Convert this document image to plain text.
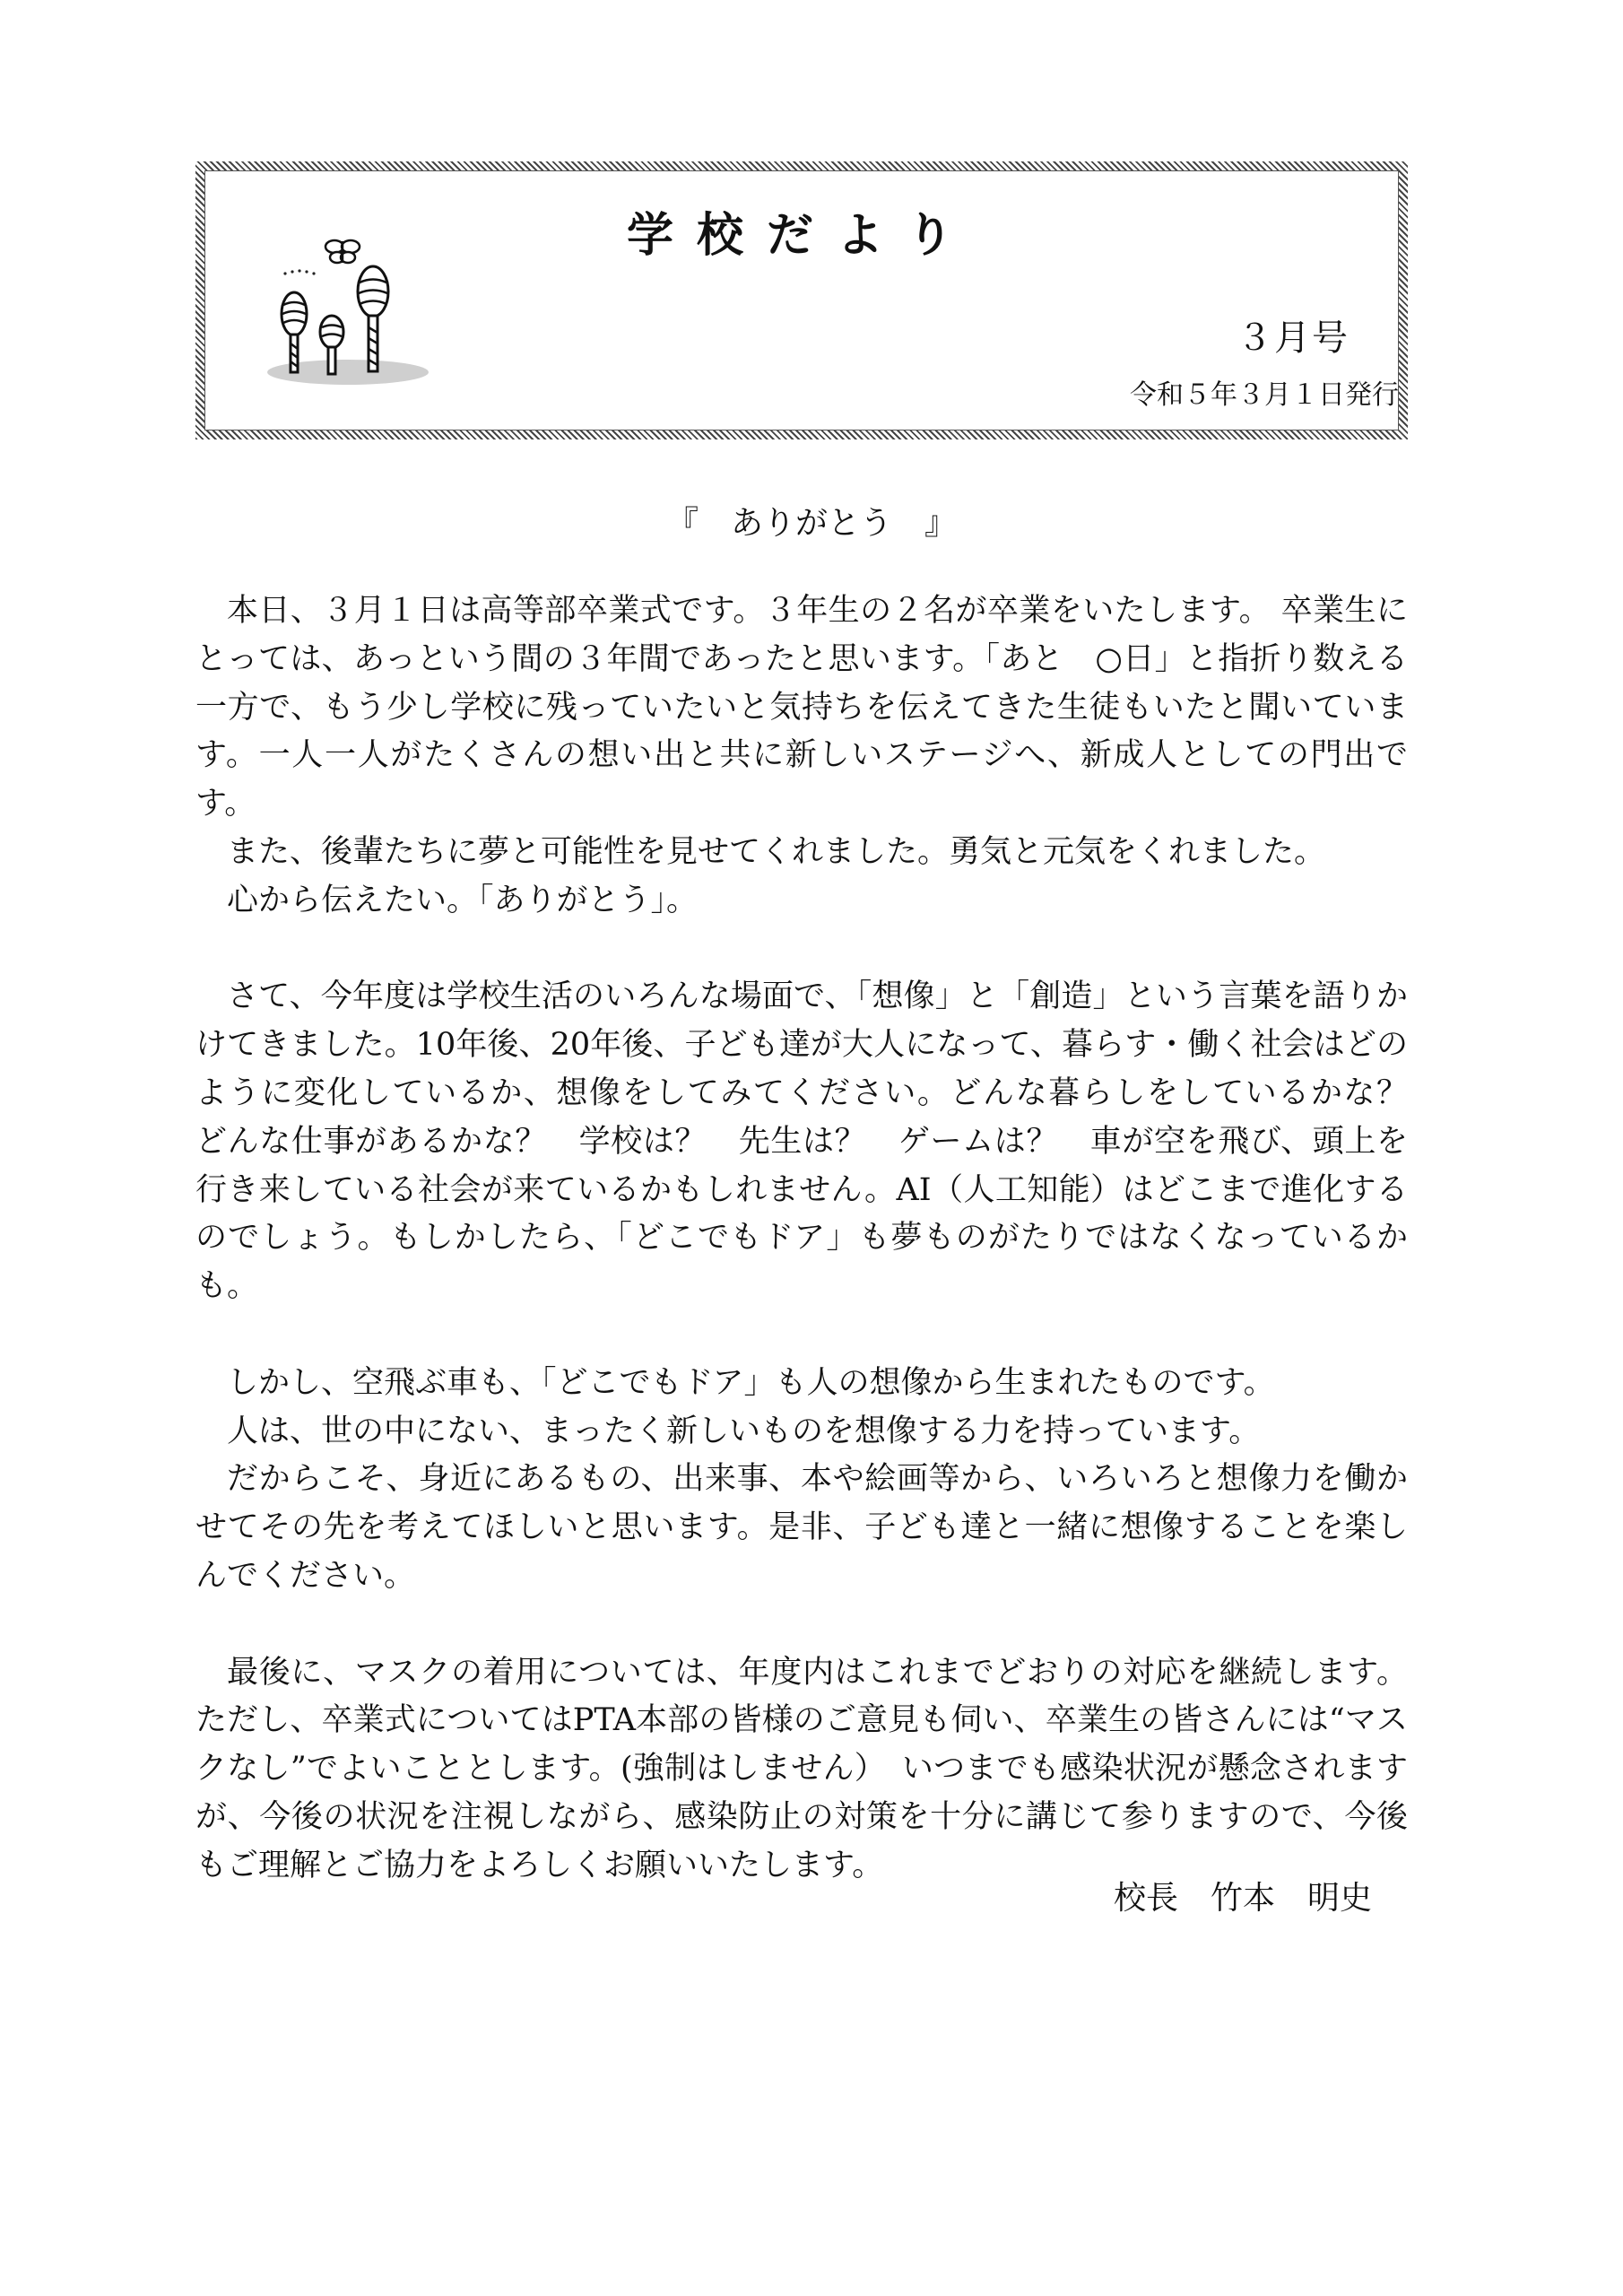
学校だより
３月号
令和５年３月１日発行
『　ありがとう　』

本日、３月１日は高等部卒業式です。３年生の２名が卒業をいたします。 卒業生にとっては、あっという間の３年間であったと思います。「あと　○日」と指折り数える一方で、もう少し学校に残っていたいと気持ちを伝えてきた生徒もいたと聞いています。一人一人がたくさんの想い出と共に新しいステージへ、新成人としての門出です。

また、後輩たちに夢と可能性を見せてくれました。勇気と元気をくれました。

心から伝えたい。「ありがとう」。

さて、今年度は学校生活のいろんな場面で、「想像」と「創造」という言葉を語りかけてきました。10年後、20年後、子ども達が大人になって、暮らす・働く社会はどのように変化しているか、想像をしてみてください。どんな暮らしをしているかな？　どんな仕事があるかな？　学校は？　先生は？　ゲームは？　車が空を飛び、頭上を行き来している社会が来ているかもしれません。AI（人工知能）はどこまで進化するのでしょう。もしかしたら、「どこでもドア」も夢ものがたりではなくなっているかも。

しかし、空飛ぶ車も、「どこでもドア」も人の想像から生まれたものです。

人は、世の中にない、まったく新しいものを想像する力を持っています。

だからこそ、身近にあるもの、出来事、本や絵画等から、いろいろと想像力を働かせてその先を考えてほしいと思います。是非、子ども達と一緒に想像することを楽しんでください。

最後に、マスクの着用については、年度内はこれまでどおりの対応を継続します。ただし、卒業式についてはPTA本部の皆様のご意見も伺い、卒業生の皆さんには“マスクなし”でよいこととします。(強制はしません）　いつまでも感染状況が懸念されますが、今後の状況を注視しながら、感染防止の対策を十分に講じて参りますので、今後もご理解とご協力をよろしくお願いいたします。

校長　竹本　明史
